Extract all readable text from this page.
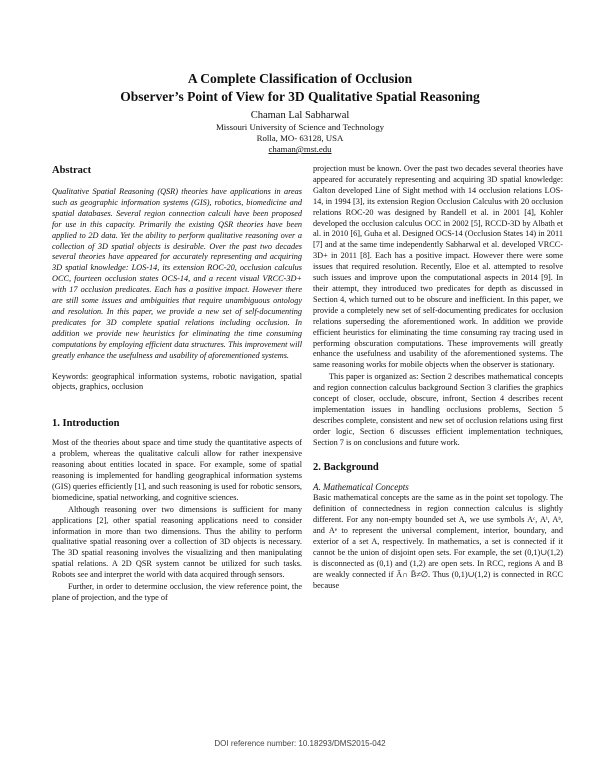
A Complete Classification of Occlusion
Observer’s Point of View for 3D Qualitative Spatial Reasoning
Chaman Lal Sabharwal
Missouri University of Science and Technology
Rolla, MO- 63128, USA
chaman@mst.edu
Abstract

Qualitative Spatial Reasoning (QSR) theories have applications in areas such as geographic information systems (GIS), robotics, biomedicine and spatial databases. Several region connection calculi have been proposed for use in this capacity. Primarily the existing QSR theories have been applied to 2D data. Yet the ability to perform qualitative reasoning over a collection of 3D spatial objects is desirable. Over the past two decades several theories have appeared for accurately representing and acquiring 3D spatial knowledge: LOS-14, its extension ROC-20, occlusion calculus OCC, fourteen occlusion states OCS-14, and a recent visual VRCC-3D+ with 17 occlusion predicates. Each has a positive impact. However there are still some issues and ambiguities that require unambiguous ontology and resolution. In this paper, we provide a new set of self-documenting predicates for 3D complete spatial relations including occlusion. In addition we provide new heuristics for eliminating the time consuming computations by employing efficient data structures. This improvement will greatly enhance the usefulness and usability of aforementioned systems.

Keywords: geographical information systems, robotic navigation, spatial objects, graphics, occlusion

1. Introduction

Most of the theories about space and time study the quantitative aspects of a problem, whereas the qualitative calculi allow for rather inexpensive reasoning about entities located in space. For example, some of spatial reasoning is implemented for handling geographical information systems (GIS) queries efficiently [1], and such reasoning is used for robotic sensors, biomedicine, spatial networking, and cognitive sciences.

Although reasoning over two dimensions is sufficient for many applications [2], other spatial reasoning applications need to consider information in more than two dimensions. Thus the ability to perform qualitative spatial reasoning over a collection of 3D objects is necessary. The 3D spatial reasoning involves the visualizing and then manipulating spatial relations. A 2D QSR system cannot be utilized for such tasks. Robots see and interpret the world with data acquired through sensors.

Further, in order to determine occlusion, the view reference point, the plane of projection, and the type of

projection must be known. Over the past two decades several theories have appeared for accurately representing and acquiring 3D spatial knowledge: Galton developed Line of Sight method with 14 occlusion relations LOS-14, in 1994 [3], its extension Region Occlusion Calculus with 20 occlusion relations ROC-20 was designed by Randell et al. in 2001 [4], Kohler developed the occlusion calculus OCC in 2002 [5], RCCD-3D by Albath et al. in 2010 [6], Guha et al. Designed OCS-14 (Occlusion States 14) in 2011 [7] and at the same time independently Sabharwal et al. developed VRCC-3D+ in 2011 [8]. Each has a positive impact. However there were some issues that required resolution. Recently, Eloe et al. attempted to resolve such issues and improve upon the computational aspects in 2014 [9]. In their attempt, they introduced two predicates for depth as discussed in Section 4, which turned out to be obscure and inefficient. In this paper, we provide a completely new set of self-documenting predicates for occlusion relations superseding the aforementioned work. In addition we provide efficient heuristics for eliminating the time consuming ray tracing used in performing obscuration computations. These improvements will greatly enhance the usefulness and usability of the aforementioned systems. The same reasoning works for mobile objects when the observer is stationary.

This paper is organized as: Section 2 describes mathematical concepts and region connection calculus background Section 3 clarifies the graphics concept of closer, occlude, obscure, infront, Section 4 describes recent implementation issues in handling occlusions problems, Section 5 describes complete, consistent and new set of occlusion relations using first order logic, Section 6 discusses efficient implementation techniques, Section 7 is on conclusions and future work.

2. Background

A. Mathematical Concepts

Basic mathematical concepts are the same as in the point set topology. The definition of connectedness in region connection calculus is slightly different. For any non-empty bounded set A, we use symbols Aᶜ, Aⁱ, Aᵇ, and Aᵉ to represent the universal complement, interior, boundary, and exterior of a set A, respectively. In mathematics, a set is connected if it cannot be the union of disjoint open sets. For example, the set (0,1)∪(1,2) is disconnected as (0,1) and (1,2) are open sets. In RCC, regions A and B are weakly connected if Ā∩ B̄≠∅. Thus (0,1)∪(1,2) is connected in RCC because

DOI reference number: 10.18293/DMS2015-042
